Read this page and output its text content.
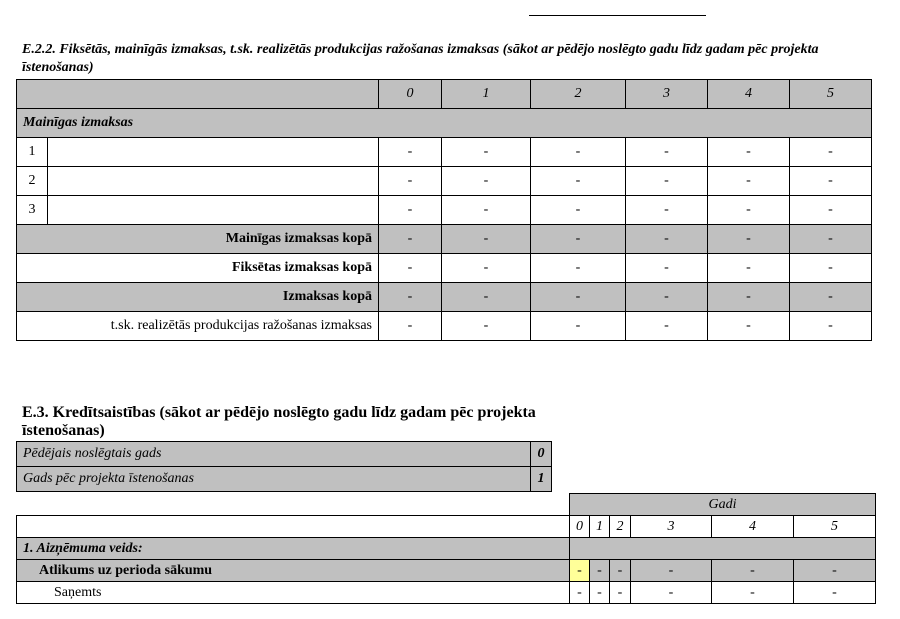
E.2.2. Fiksētās, mainīgās izmaksas, t.sk. realizētās produkcijas ražošanas izmaksas (sākot ar pēdējo noslēgto gadu līdz gadam pēc projekta īstenošanas)
		0	1	2	3	4	5
Mainīgas izmaksas							
1		-	-	-	-	-	-
2		-	-	-	-	-	-
3		-	-	-	-	-	-
Mainīgas izmaksas kopā		-	-	-	-	-	-
Fiksētas izmaksas kopā		-	-	-	-	-	-
Izmaksas kopā		-	-	-	-	-	-
t.sk. realizētās produkcijas ražošanas izmaksas		-	-	-	-	-	-
E.3. Kredītsaistības (sākot ar pēdējo noslēgto gadu līdz gadam pēc projekta īstenošanas)
Pēdējais noslēgtais gads	0
Gads pēc projekta īstenošanas	1
	Gadi					
	0	1	2	3	4	5
1. Aizņēmuma veids:						
Atlikums uz perioda sākumu	-	-	-	-	-	-
Saņemts	-	-	-	-	-	-
